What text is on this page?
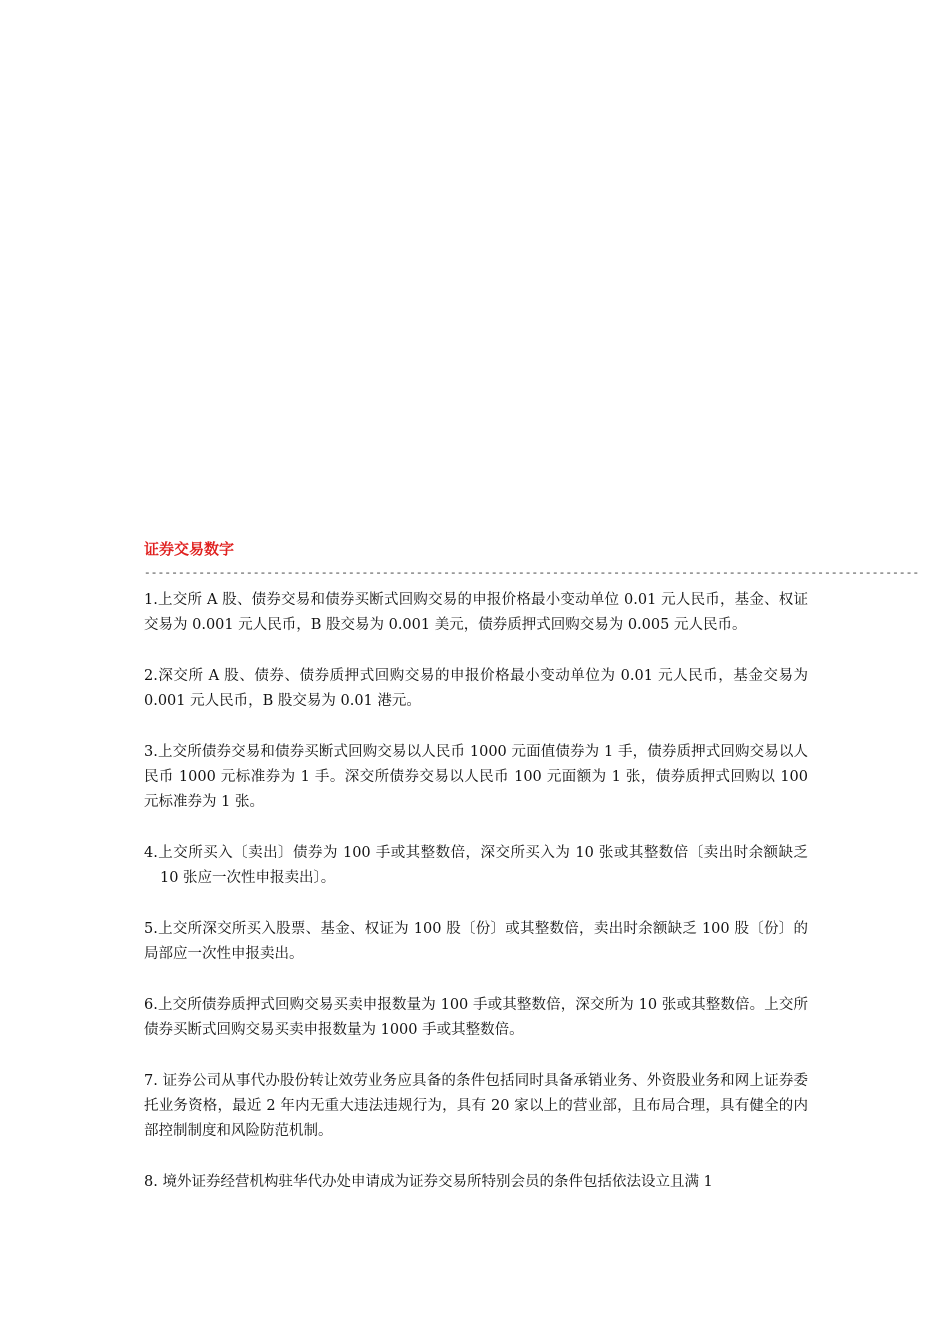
证券交易数字
------------------------------------------------------------------------------------------------------------------

1.上交所 A 股、债券交易和债券买断式回购交易的申报价格最小变动单位 0.01 元人民币，基金、权证交易为 0.001 元人民币，B 股交易为 0.001 美元，债券质押式回购交易为 0.005 元人民币。

2.深交所 A 股、债券、债券质押式回购交易的申报价格最小变动单位为 0.01 元人民币，基金交易为 0.001 元人民币，B 股交易为 0.01 港元。

3.上交所债券交易和债券买断式回购交易以人民币 1000 元面值债券为 1 手，债券质押式回购交易以人民币 1000 元标准券为 1 手。深交所债券交易以人民币 100 元面额为 1 张，债券质押式回购以 100 元标准券为 1 张。

4.上交所买入〔卖出〕债券为 100 手或其整数倍，深交所买入为 10 张或其整数倍〔卖出时余额缺乏 10 张应一次性申报卖出〕。

5.上交所深交所买入股票、基金、权证为 100 股〔份〕或其整数倍，卖出时余额缺乏 100 股〔份〕的局部应一次性申报卖出。

6.上交所债券质押式回购交易买卖申报数量为 100 手或其整数倍，深交所为 10 张或其整数倍。上交所债券买断式回购交易买卖申报数量为 1000 手或其整数倍。

7. 证券公司从事代办股份转让效劳业务应具备的条件包括同时具备承销业务、外资股业务和网上证券委托业务资格，最近 2 年内无重大违法违规行为，具有 20 家以上的营业部，且布局合理，具有健全的内部控制制度和风险防范机制。

8. 境外证券经营机构驻华代办处申请成为证券交易所特别会员的条件包括依法设立且满 1
